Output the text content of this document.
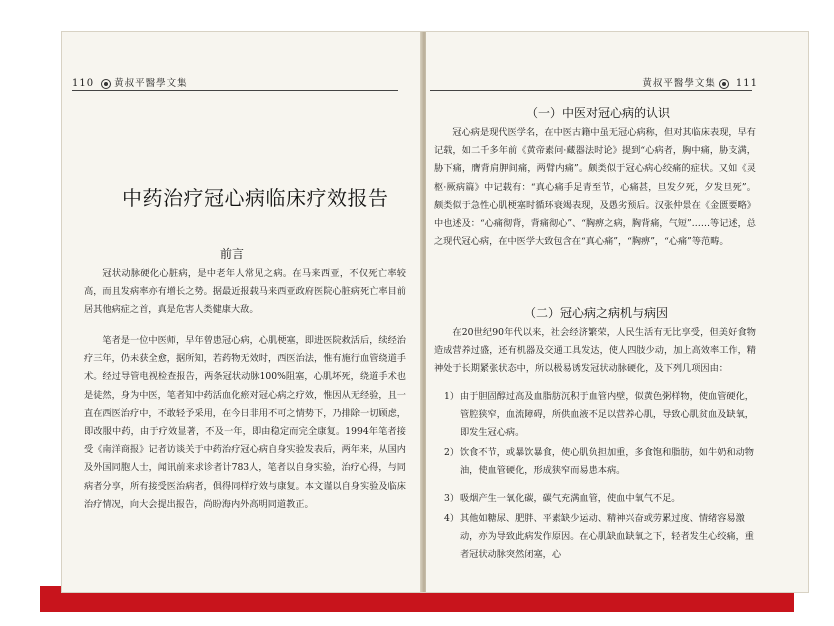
110 黄叔平醫學文集
中药治疗冠心病临床疗效报告
前言

冠状动脉硬化心脏病，是中老年人常见之病。在马来西亚，不仅死亡率较高，而且发病率亦有增长之势。据最近报载马来西亚政府医院心脏病死亡率目前居其他病症之首，真是危害人类健康大敌。

笔者是一位中医师，早年曾患冠心病，心肌梗塞，即进医院救活后，续经治疗三年，仍未获全愈，据所知，若药物无效时，西医治法，惟有施行血管绕道手术。经过导管电视检查报告，两条冠状动脉100%阻塞，心肌坏死，绕道手术也是徒然，身为中医，笔者知中药活血化瘀对冠心病之疗效，惟因从无经验，且一直在西医治疗中，不敢轻予采用，在今日非用不可之情势下，乃排除一切顾虑，即改服中药，由于疗效显著，不及一年，即由稳定而完全康复。1994年笔者接受《南洋商报》记者访谈关于中药治疗冠心病自身实验发表后，两年来，从国内及外国同胞人士，闻讯前来求诊者计783人，笔者以自身实验，治疗心得，与同病者分享，所有接受医治病者，俱得同样疗效与康复。本文谨以自身实验及临床治疗情况，向大会提出报告，尚盼海内外高明同道教正。

黄叔平醫學文集 111
（一）中医对冠心病的认识

冠心病是现代医学名，在中医古籍中虽无冠心病称，但对其临床表现，早有记载，如二千多年前《黄帝素问·藏器法时论》提到“心病者，胸中痛，胁支满，胁下痛，膺背肩胛间痛，两臂内痛”。颇类似于冠心病心绞痛的症状。又如《灵枢·厥病篇》中记载有：“真心痛手足青至节，心痛甚，旦发夕死，夕发旦死”。颇类似于急性心肌梗塞时循环衰竭表现，及愚劣预后。汉张仲景在《金匮要略》中也述及：“心痛彻背，背痛彻心”、“胸痹之病，胸背痛，气短”……等记述，总之现代冠心病，在中医学大致包含在“真心痛”，“胸痹”，“心痛”等范畴。

（二）冠心病之病机与病因

在20世纪90年代以来，社会经济繁荣，人民生活有无比享受，但美好食物造成营养过盛，还有机器及交通工具发达，使人四肢少动，加上高效率工作，精神处于长期紧张状态中，所以极易诱发冠状动脉硬化，及下列几项因由：

1） 由于胆固醇过高及血脂肪沉积于血管内壁，似黄色粥样物，使血管硬化，管腔狭窄，血流障碍，所供血液不足以营养心肌，导致心肌贫血及缺氧，即发生冠心病。
2） 饮食不节，或暴饮暴食，使心肌负担加重，多食饱和脂肪，如牛奶和动物油，使血管硬化，形成狭窄而易患本病。
3） 吸烟产生一氧化碳，碳气充满血管，使血中氧气不足。
4） 其他如糖尿、肥胖、平素缺少运动、精神兴奋或劳累过度、情绪容易激动，亦为导致此病发作原因。在心肌缺血缺氧之下，轻者发生心绞痛，重者冠状动脉突然闭塞，心
